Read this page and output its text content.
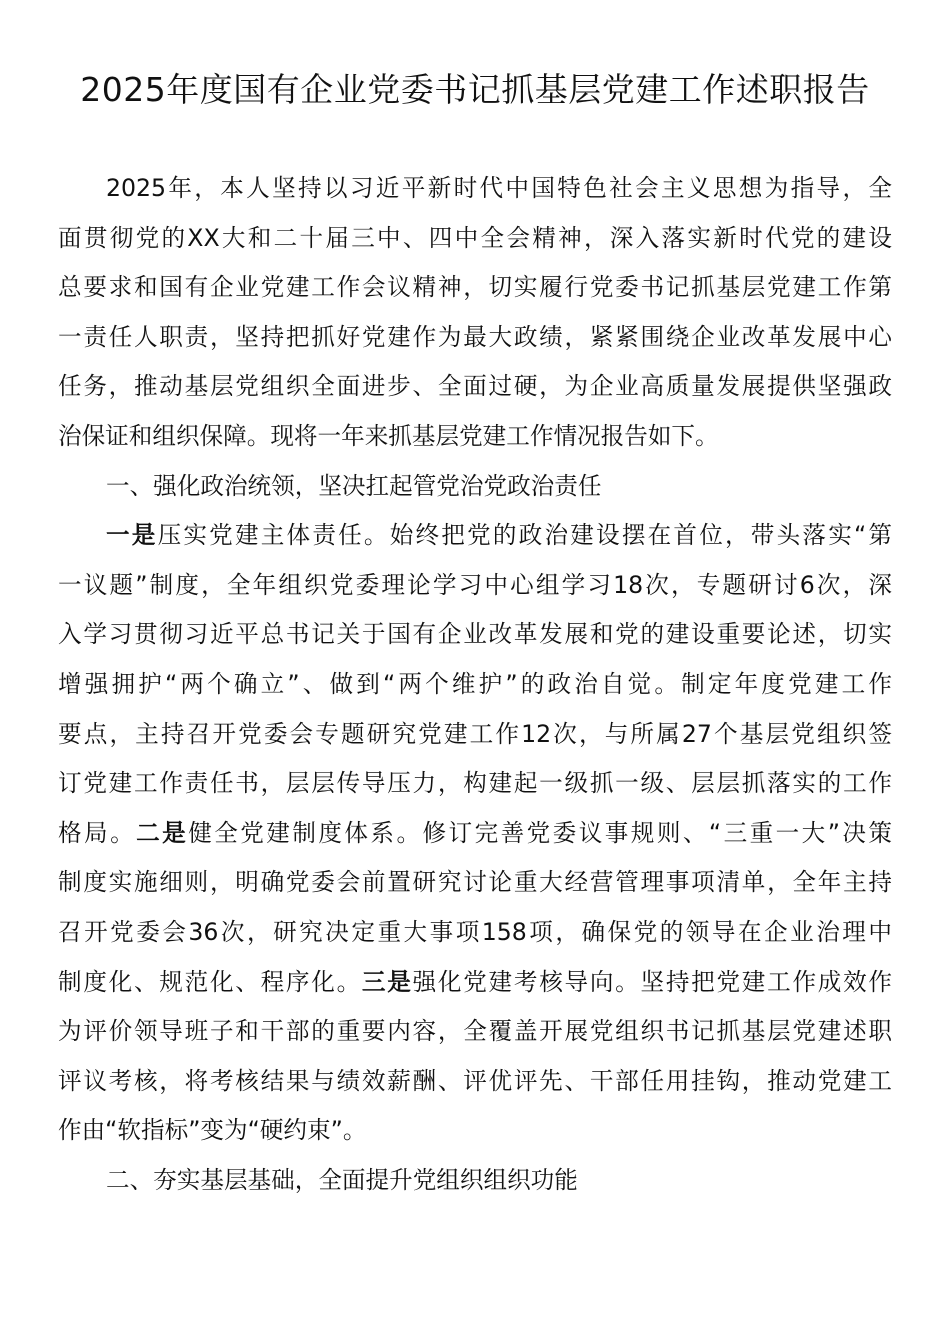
2025年度国有企业党委书记抓基层党建工作述职报告
2025年，本人坚持以习近平新时代中国特色社会主义思想为指导，全
面贯彻党的XX大和二十届三中、四中全会精神，深入落实新时代党的建设
总要求和国有企业党建工作会议精神，切实履行党委书记抓基层党建工作第
一责任人职责，坚持把抓好党建作为最大政绩，紧紧围绕企业改革发展中心
任务，推动基层党组织全面进步、全面过硬，为企业高质量发展提供坚强政
治保证和组织保障。现将一年来抓基层党建工作情况报告如下。
一、强化政治统领，坚决扛起管党治党政治责任
一是压实党建主体责任。始终把党的政治建设摆在首位，带头落实“第
一议题”制度，全年组织党委理论学习中心组学习18次，专题研讨6次，深
入学习贯彻习近平总书记关于国有企业改革发展和党的建设重要论述，切实
增强拥护“两个确立”、做到“两个维护”的政治自觉。制定年度党建工作
要点，主持召开党委会专题研究党建工作12次，与所属27个基层党组织签
订党建工作责任书，层层传导压力，构建起一级抓一级、层层抓落实的工作
格局。二是健全党建制度体系。修订完善党委议事规则、“三重一大”决策
制度实施细则，明确党委会前置研究讨论重大经营管理事项清单，全年主持
召开党委会36次，研究决定重大事项158项，确保党的领导在企业治理中
制度化、规范化、程序化。三是强化党建考核导向。坚持把党建工作成效作
为评价领导班子和干部的重要内容，全覆盖开展党组织书记抓基层党建述职
评议考核，将考核结果与绩效薪酬、评优评先、干部任用挂钩，推动党建工
作由“软指标”变为“硬约束”。
二、夯实基层基础，全面提升党组织组织功能
